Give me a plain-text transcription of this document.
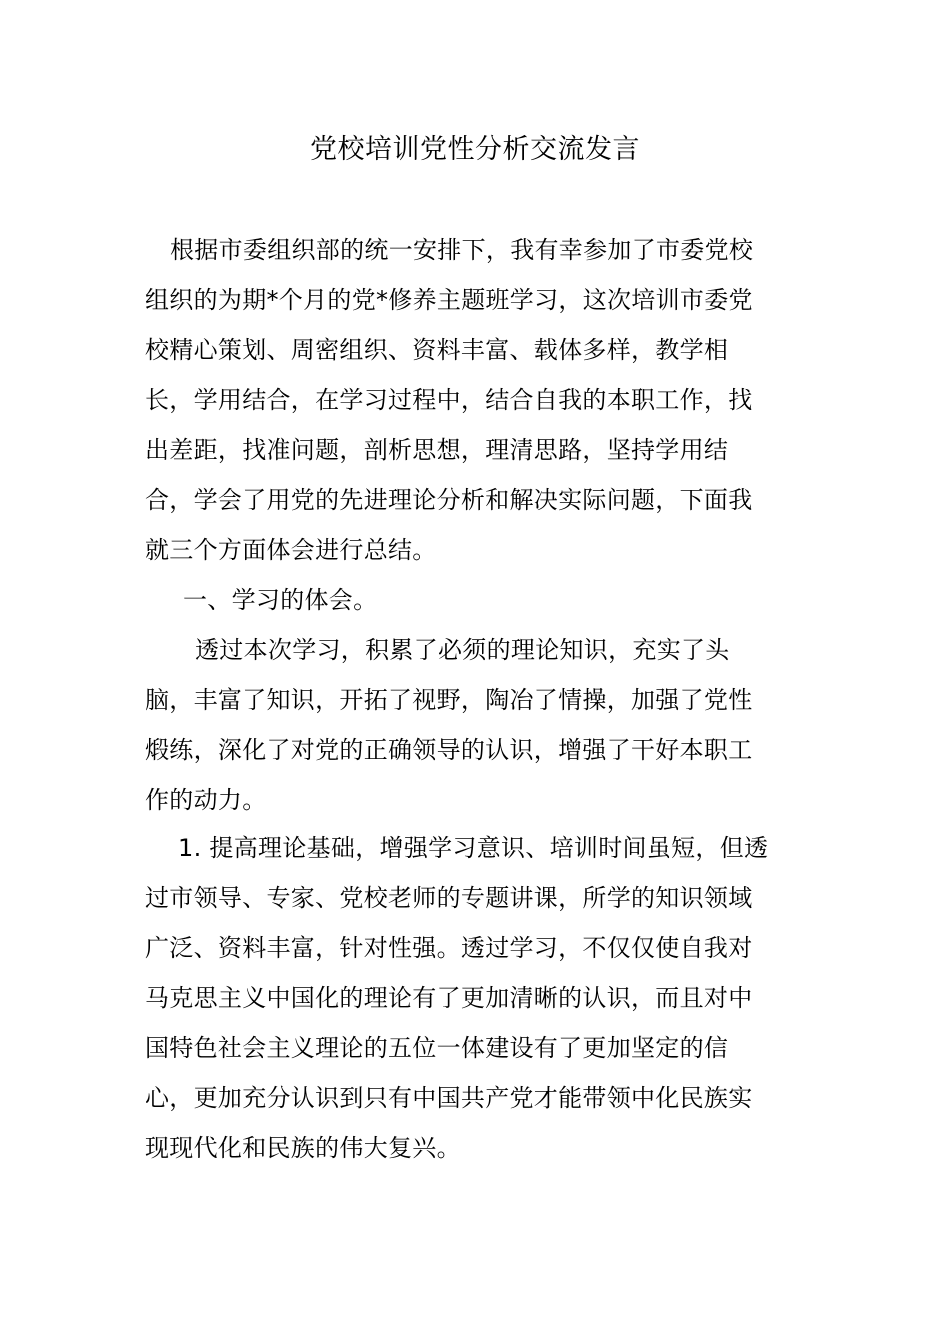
党校培训党性分析交流发言
根据市委组织部的统一安排下，我有幸参加了市委党校
组织的为期*个月的党*修养主题班学习，这次培训市委党
校精心策划、周密组织、资料丰富、载体多样，教学相
长，学用结合，在学习过程中，结合自我的本职工作，找
出差距，找准问题，剖析思想，理清思路，坚持学用结
合，学会了用党的先进理论分析和解决实际问题，下面我
就三个方面体会进行总结。
一、学习的体会。
透过本次学习，积累了必须的理论知识，充实了头
脑，丰富了知识，开拓了视野，陶冶了情操，加强了党性
煅练，深化了对党的正确领导的认识，增强了干好本职工
作的动力。
1. 提高理论基础，增强学习意识、培训时间虽短，但透
过市领导、专家、党校老师的专题讲课，所学的知识领域
广泛、资料丰富，针对性强。透过学习，不仅仅使自我对
马克思主义中国化的理论有了更加清晰的认识，而且对中
国特色社会主义理论的五位一体建设有了更加坚定的信
心，更加充分认识到只有中国共产党才能带领中化民族实
现现代化和民族的伟大复兴。
